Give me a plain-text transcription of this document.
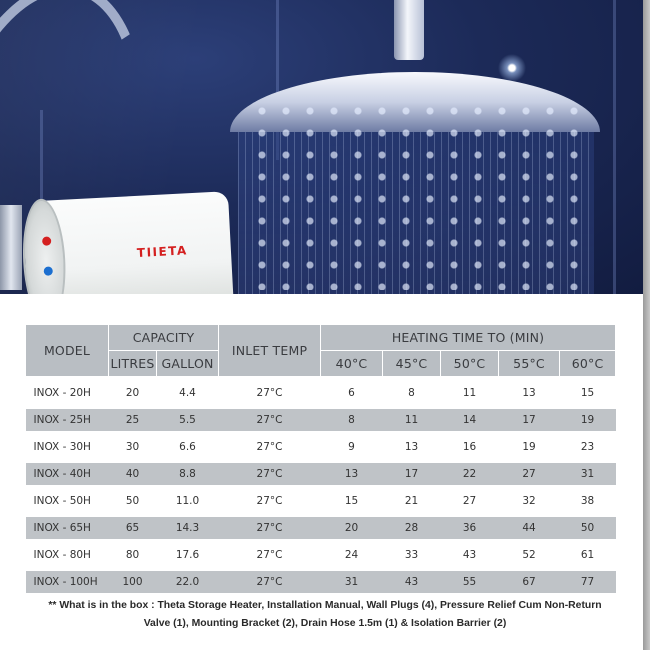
TIIETA
MODEL	CAPACITY		INLET TEMP	HEATING TIME TO (MIN)				
	LITRES	GALLON		40°C	45°C	50°C	55°C	60°C
INOX - 20H	20	4.4	27°C	6	8	11	13	15
INOX - 25H	25	5.5	27°C	8	11	14	17	19
INOX - 30H	30	6.6	27°C	9	13	16	19	23
INOX - 40H	40	8.8	27°C	13	17	22	27	31
INOX - 50H	50	11.0	27°C	15	21	27	32	38
INOX - 65H	65	14.3	27°C	20	28	36	44	50
INOX - 80H	80	17.6	27°C	24	33	43	52	61
INOX - 100H	100	22.0	27°C	31	43	55	67	77
** What is in the box : Theta Storage Heater, Installation Manual, Wall Plugs (4), Pressure Relief Cum Non-Return
Valve (1), Mounting Bracket (2), Drain Hose 1.5m (1) & Isolation Barrier (2)
